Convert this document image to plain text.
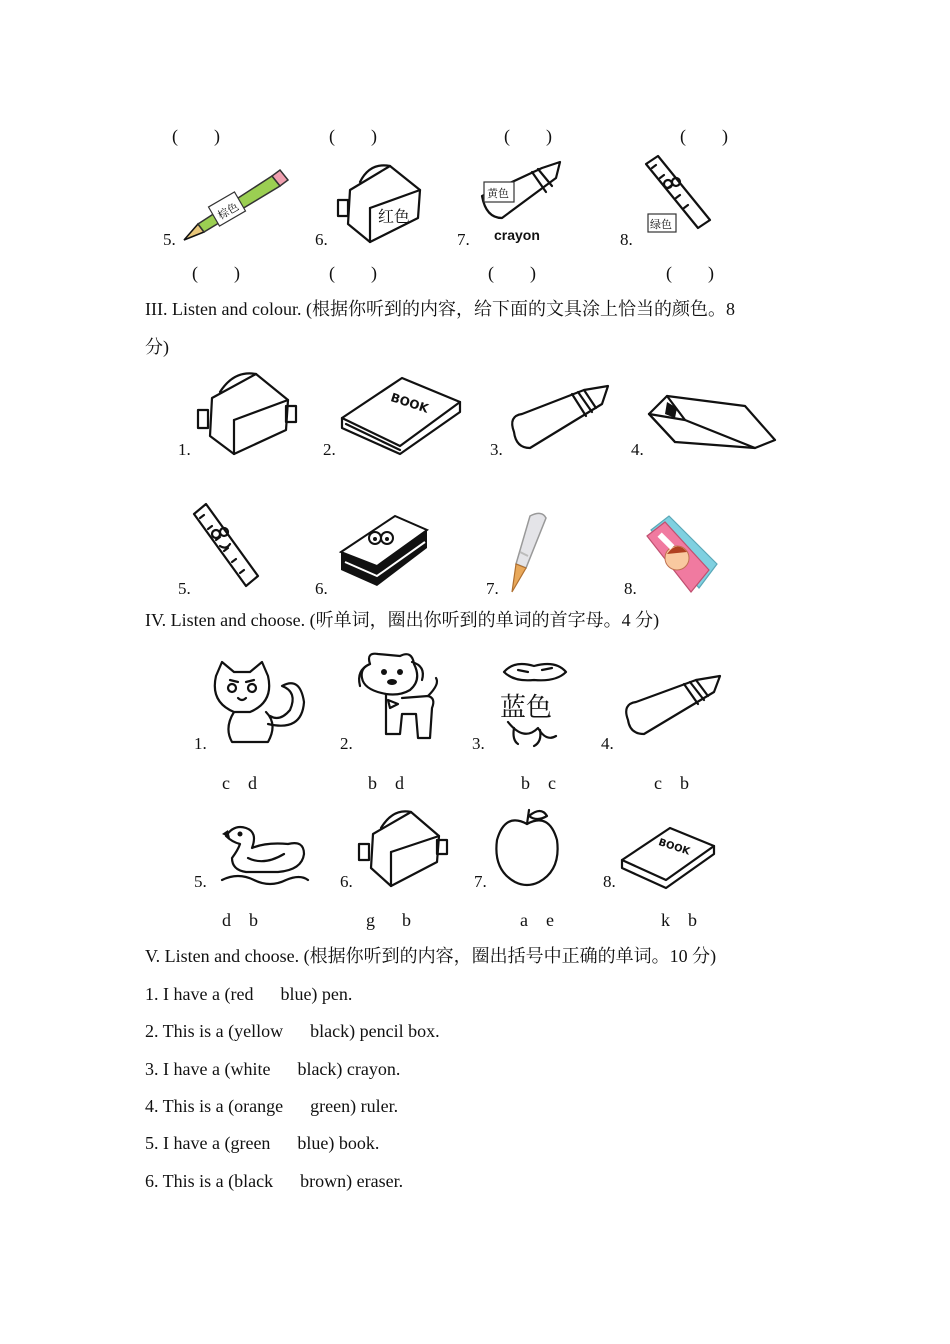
(        )	(        )	(        )	(        )
5.
棕色
6.
红色
7.
黄色
crayon	8.
绿色
(        )	(        )	(        )	(        )
III. Listen and colour. (根据你听到的内容，给下面的文具涂上恰当的颜色。8
分)
1.	2.
BOOK
3.	4.
5.	6.	7.	8.
IV. Listen and choose. (听单词，圈出你听到的单词的首字母。4 分)
1.
c    d
2.
b    d
3.
蓝色
b    c
4.
c    b
5.
d    b
6.
g      b
7.
a    e
8.
BOOK
k    b
V. Listen and choose. (根据你听到的内容，圈出括号中正确的单词。10 分)
1. I have a (red      blue) pen.
2. This is a (yellow      black) pencil box.
3. I have a (white      black) crayon.
4. This is a (orange      green) ruler.
5. I have a (green      blue) book.
6. This is a (black      brown) eraser.
